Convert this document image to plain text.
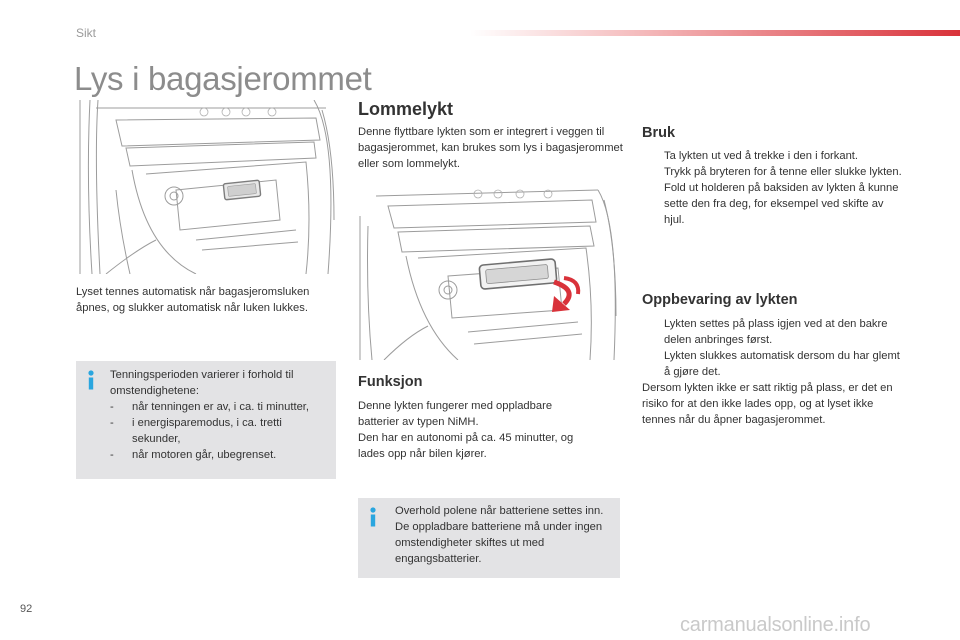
Sikt
Lys i bagasjerommet
Lyset tennes automatisk når bagasjeromsluken åpnes, og slukker automatisk når luken lukkes.
Tenningsperioden varierer i forhold til omstendighetene:
- når tenningen er av, i ca. ti minutter,
- i energisparemodus, i ca. tretti sekunder,
- når motoren går, ubegrenset.
Lommelykt
Denne flyttbare lykten som er integrert i veggen til bagasjerommet, kan brukes som lys i bagasjerommet eller som lommelykt.
Funksjon
Denne lykten fungerer med oppladbare batterier av typen NiMH.
Den har en autonomi på ca. 45 minutter, og lades opp når bilen kjører.
Overhold polene når batteriene settes inn.
De oppladbare batteriene må under ingen omstendigheter skiftes ut med engangsbatterier.
Bruk
Ta lykten ut ved å trekke i den i forkant.
Trykk på bryteren for å tenne eller slukke lykten.
Fold ut holderen på baksiden av lykten å kunne sette den fra deg, for eksempel ved skifte av hjul.
Oppbevaring av lykten
Lykten settes på plass igjen ved at den bakre delen anbringes først.
Lykten slukkes automatisk dersom du har glemt å gjøre det.
Dersom lykten ikke er satt riktig på plass, er det en risiko for at den ikke lades opp, og at lyset ikke tennes når du åpner bagasjerommet.
92
carmanualsonline.info
